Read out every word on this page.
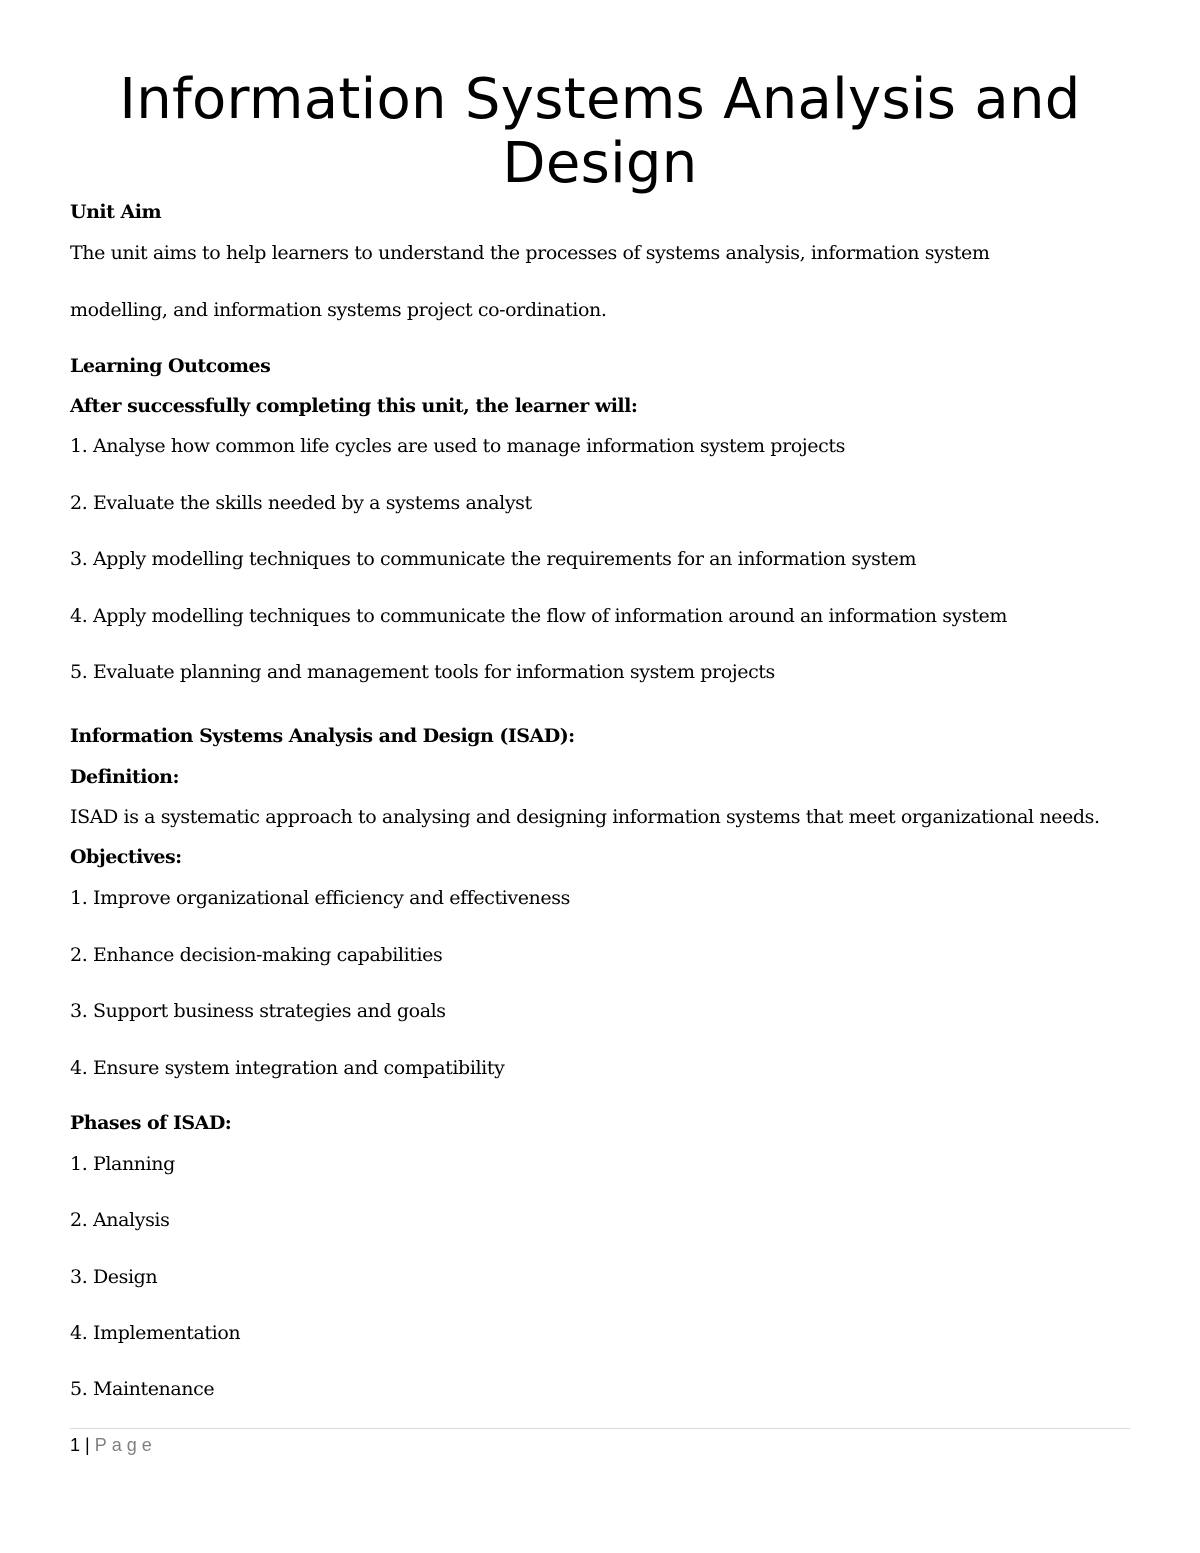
Information Systems Analysis and Design

Unit Aim

The unit aims to help learners to understand the processes of systems analysis, information system

modelling, and information systems project co-ordination.

Learning Outcomes

After successfully completing this unit, the learner will:

1. Analyse how common life cycles are used to manage information system projects

2. Evaluate the skills needed by a systems analyst

3. Apply modelling techniques to communicate the requirements for an information system

4. Apply modelling techniques to communicate the flow of information around an information system

5. Evaluate planning and management tools for information system projects

Information Systems Analysis and Design (ISAD):

Definition:

ISAD is a systematic approach to analysing and designing information systems that meet organizational needs.

Objectives:

1. Improve organizational efficiency and effectiveness

2. Enhance decision-making capabilities

3. Support business strategies and goals

4. Ensure system integration and compatibility

Phases of ISAD:

1. Planning

2. Analysis

3. Design

4. Implementation

5. Maintenance

1 | Page
